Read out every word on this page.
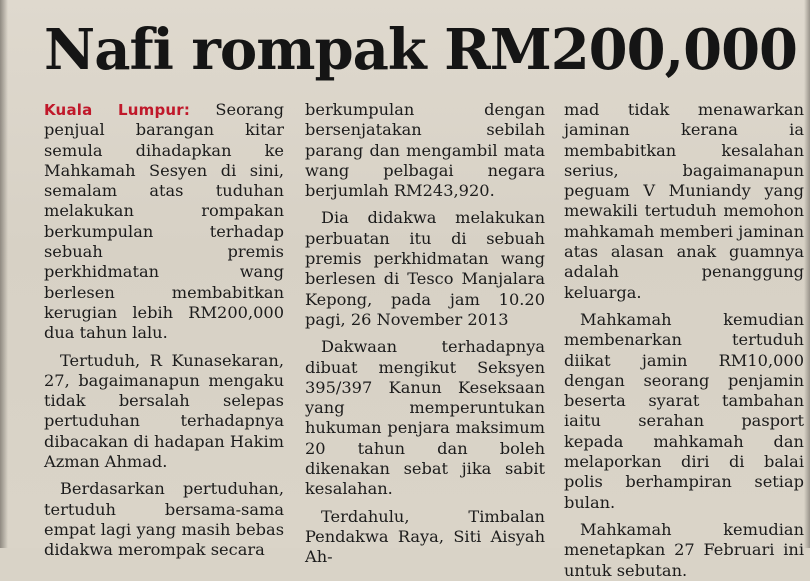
Nafi rompak RM200,000

Kuala Lumpur: Seorang penjual barangan kitar semula dihadapkan ke Mahkamah Sesyen di sini, semalam atas tuduhan melakukan rompakan berkumpulan terhadap sebuah premis perkhidmatan wang berlesen membabitkan kerugian lebih RM200,000 dua tahun lalu.

Tertuduh, R Kunasekaran, 27, bagaimanapun mengaku tidak bersalah selepas pertuduhan terhadapnya dibacakan di hadapan Hakim Azman Ahmad.

Berdasarkan pertuduhan, tertuduh bersama-sama empat lagi yang masih bebas didakwa merompak secara

berkumpulan dengan bersenjatakan sebilah parang dan mengambil mata wang pelbagai negara berjumlah RM243,920.

Dia didakwa melakukan perbuatan itu di sebuah premis perkhidmatan wang berlesen di Tesco Manjalara Kepong, pada jam 10.20 pagi, 26 November 2013

Dakwaan terhadapnya dibuat mengikut Seksyen 395/397 Kanun Keseksaan yang memperuntukan hukuman penjara maksimum 20 tahun dan boleh dikenakan sebat jika sabit kesalahan.

Terdahulu, Timbalan Pendakwa Raya, Siti Aisyah Ah-

mad tidak menawarkan jaminan kerana ia membabitkan kesalahan serius, bagaimanapun peguam V Muniandy yang mewakili tertuduh memohon mahkamah memberi jaminan atas alasan anak guamnya adalah penanggung keluarga.

Mahkamah kemudian membenarkan tertuduh diikat jamin RM10,000 dengan seorang penjamin beserta syarat tambahan iaitu serahan pasport kepada mahkamah dan melaporkan diri di balai polis berhampiran setiap bulan.

Mahkamah kemudian menetapkan 27 Februari ini untuk sebutan.
